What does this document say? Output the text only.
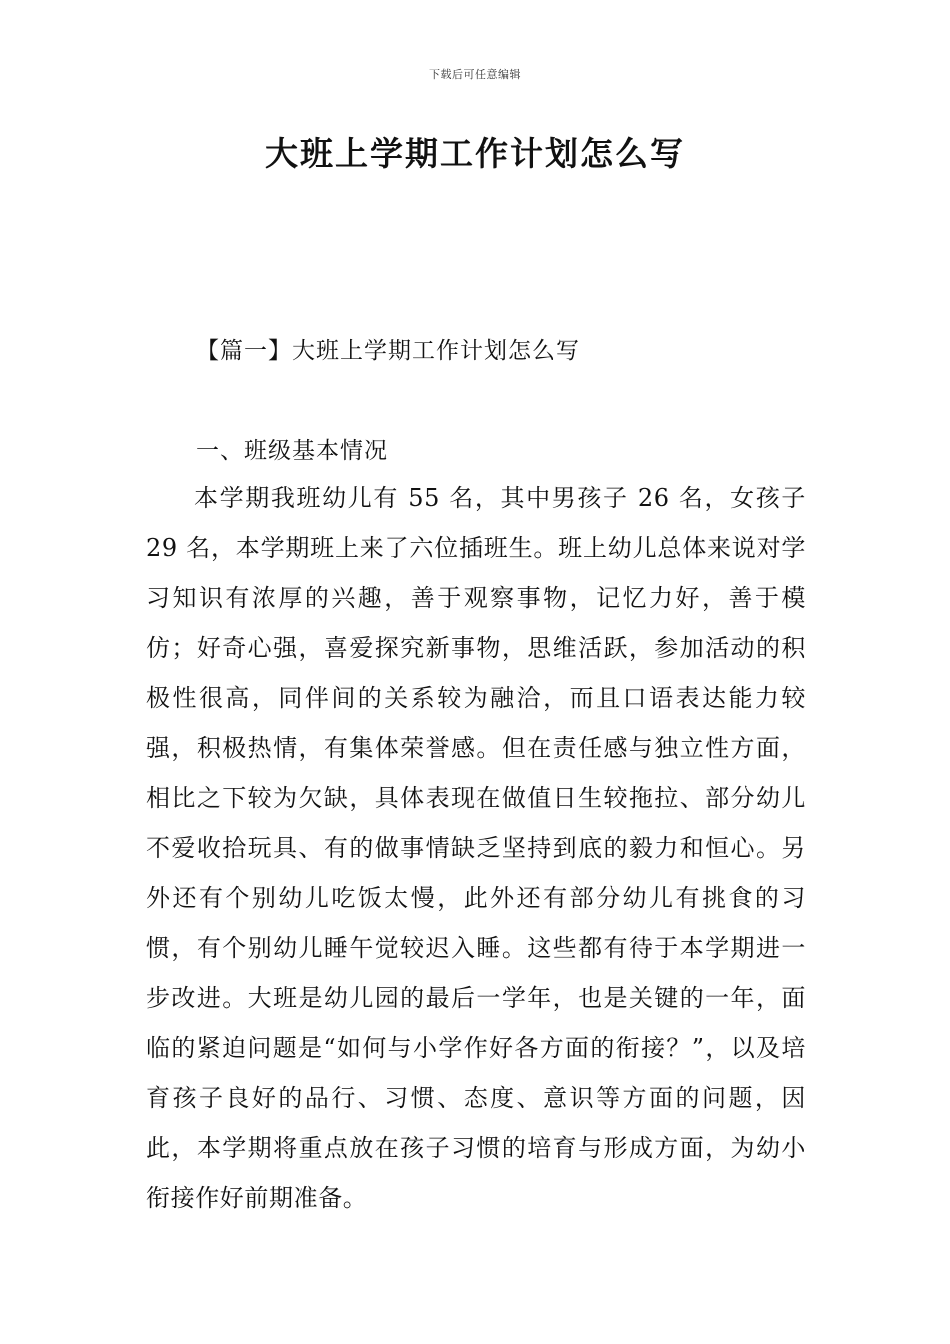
下载后可任意编辑
大班上学期工作计划怎么写
【篇一】大班上学期工作计划怎么写
一、班级基本情况

本学期我班幼儿有 55 名，其中男孩子 26 名，女孩子 29 名，本学期班上来了六位插班生。班上幼儿总体来说对学习知识有浓厚的兴趣，善于观察事物，记忆力好，善于模仿；好奇心强，喜爱探究新事物，思维活跃，参加活动的积极性很高，同伴间的关系较为融洽，而且口语表达能力较强，积极热情，有集体荣誉感。但在责任感与独立性方面，相比之下较为欠缺，具体表现在做值日生较拖拉、部分幼儿不爱收拾玩具、有的做事情缺乏坚持到底的毅力和恒心。另外还有个别幼儿吃饭太慢，此外还有部分幼儿有挑食的习惯，有个别幼儿睡午觉较迟入睡。这些都有待于本学期进一步改进。大班是幼儿园的最后一学年，也是关键的一年，面临的紧迫问题是“如何与小学作好各方面的衔接？”，以及培育孩子良好的品行、习惯、态度、意识等方面的问题，因此，本学期将重点放在孩子习惯的培育与形成方面，为幼小衔接作好前期准备。
